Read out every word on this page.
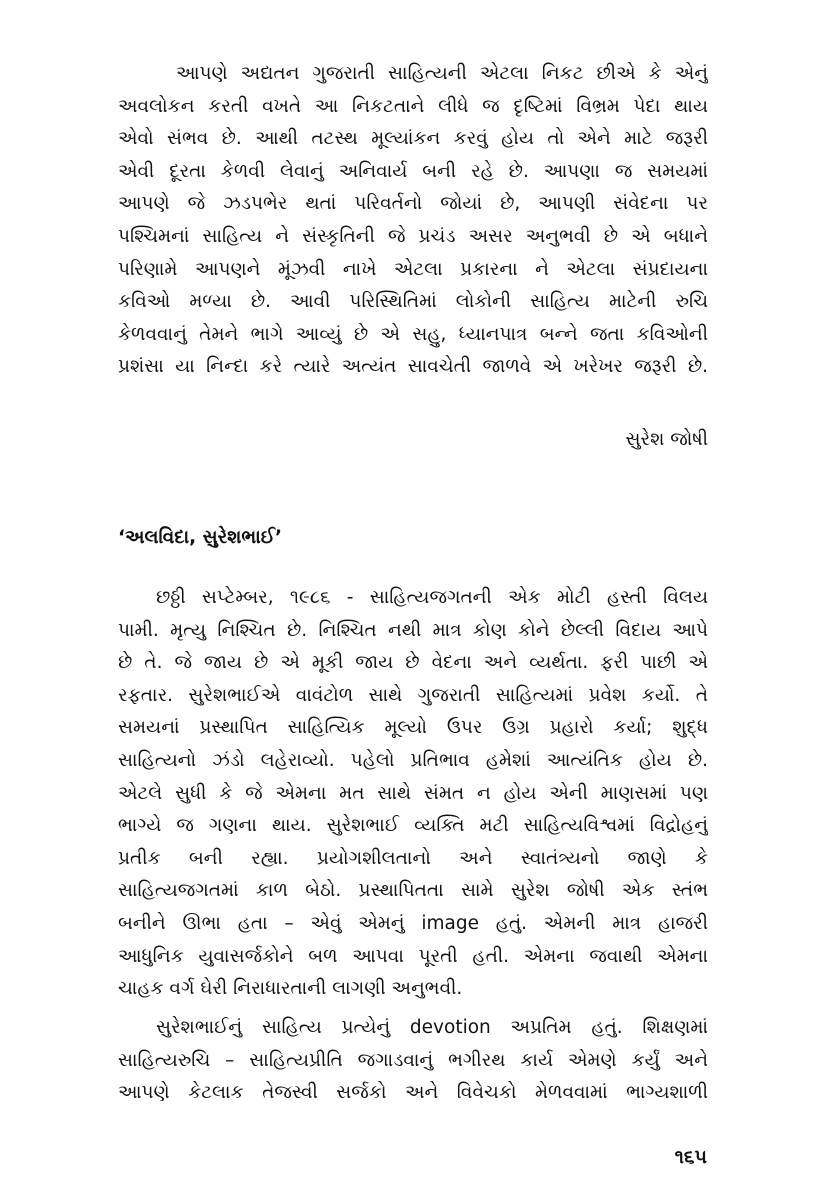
આપણે અદ્યતન ગુજરાતી સાહિત્યની એટલા નિકટ છીએ કે એનું
અવલોકન કરતી વખતે આ નિકટતાને લીધે જ દૃષ્ટિમાં વિભ્રમ પેદા થાય
એવો સંભવ છે. આથી તટસ્થ મૂલ્યાંકન કરવું હોય તો એને માટે જરૂરી
એવી દૂરતા કેળવી લેવાનું અનિવાર્ય બની રહે છે. આપણા જ સમયમાં
આપણે જે ઝડપભેર થતાં પરિવર્તનો જોયાં છે, આપણી સંવેદના પર
પશ્ચિમનાં સાહિત્ય ને સંસ્કૃતિની જે પ્રચંડ અસર અનુભવી છે એ બધાને
પરિણામે આપણને મૂંઝવી નાખે એટલા પ્રકારના ને એટલા સંપ્રદાયના
કવિઓ મળ્યા છે. આવી પરિસ્થિતિમાં લોકોની સાહિત્ય માટેની રુચિ
કેળવવાનું તેમને ભાગે આવ્યું છે એ સહુ, ધ્યાનપાત્ર બન્ને જતા કવિઓની
પ્રશંસા યા નિન્દા કરે ત્યારે અત્યંત સાવચેતી જાળવે એ ખરેખર જરૂરી છે.

સુરેશ જોષી

‘અલવિદા, સુરેશભાઈ’

છઠ્ઠી સપ્ટેમ્બર, ૧૯૮૬ - સાહિત્યજગતની એક મોટી હસ્તી વિલય
પામી. મૃત્યુ નિશ્ચિત છે. નિશ્ચિત નથી માત્ર કોણ કોને છેલ્લી વિદાય આપે
છે તે. જે જાય છે એ મૂકી જાય છે વેદના અને વ્યર્થતા. ફરી પાછી એ
રફતાર. સુરેશભાઈએ વાવંટોળ સાથે ગુજરાતી સાહિત્યમાં પ્રવેશ કર્યો. તે
સમયનાં પ્રસ્થાપિત સાહિત્યિક મૂલ્યો ઉપર ઉગ્ર પ્રહારો કર્યા; શુદ્ધ
સાહિત્યનો ઝંડો લહેરાવ્યો. પહેલો પ્રતિભાવ હમેશાં આત્યંતિક હોય છે.
એટલે સુધી કે જે એમના મત સાથે સંમત ન હોય એની માણસમાં પણ
ભાગ્યે જ ગણના થાય. સુરેશભાઈ વ્યક્તિ મટી સાહિત્યવિશ્વમાં વિદ્રોહનું
પ્રતીક બની રહ્યા. પ્રયોગશીલતાનો અને સ્વાતંત્ર્યનો જાણે કે
સાહિત્યજગતમાં કાળ બેઠો. પ્રસ્થાપિતતા સામે સુરેશ જોષી એક સ્તંભ
બનીને ઊભા હતા – એવું એમનું image હતું. એમની માત્ર હાજરી
આધુનિક યુવાસર્જકોને બળ આપવા પૂરતી હતી. એમના જવાથી એમના
ચાહક વર્ગ ઘેરી નિરાધારતાની લાગણી અનુભવી.
સુરેશભાઈનું સાહિત્ય પ્રત્યેનું devotion અપ્રતિમ હતું. શિક્ષણમાં
સાહિત્યરુચિ – સાહિત્યપ્રીતિ જગાડવાનું ભગીરથ કાર્ય એમણે કર્યું અને
આપણે કેટલાક તેજસ્વી સર્જકો અને વિવેચકો મેળવવામાં ભાગ્યશાળી

૧૬૫
